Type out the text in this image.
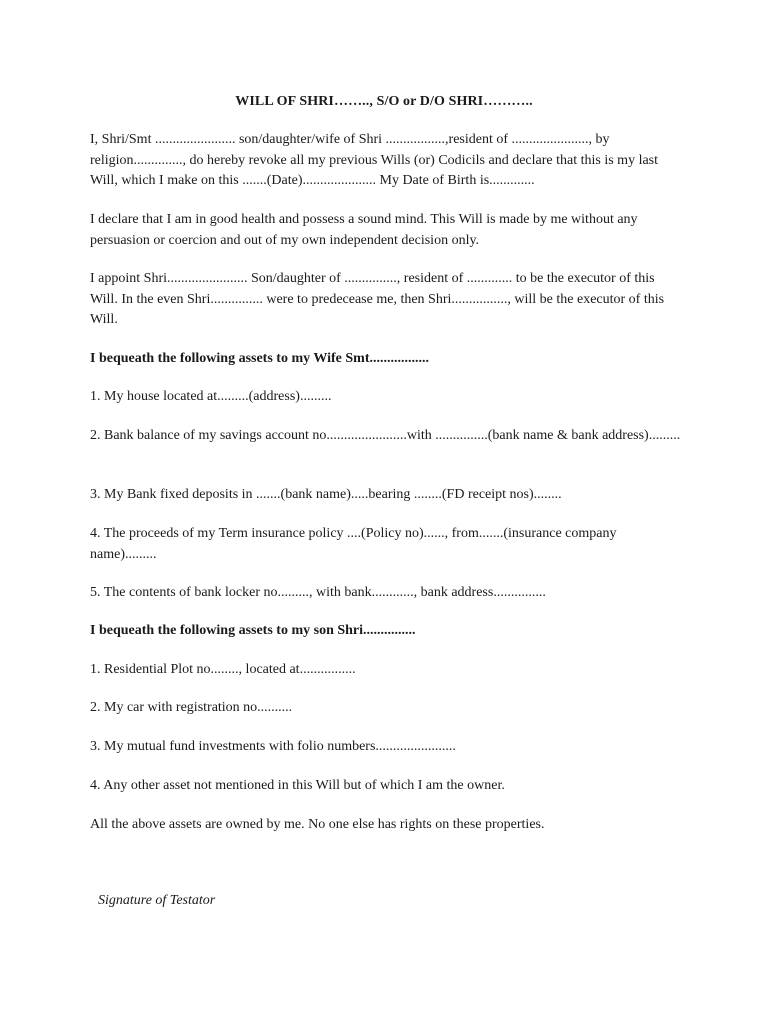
WILL OF SHRI…….., S/O or D/O SHRI………..

I, Shri/Smt ....................... son/daughter/wife of Shri .................,resident of ......................, by religion.............., do hereby revoke all my previous Wills (or) Codicils and declare that this is my last Will, which I make on this .......(Date)..................... My Date of Birth is.............

I declare that I am in good health and possess a sound mind. This Will is made by me without any persuasion or coercion and out of my own independent decision only.

I appoint Shri....................... Son/daughter of ..............., resident of ............. to be the executor of this Will. In the even Shri............... were to predecease me, then Shri................, will be the executor of this Will.

I bequeath the following assets to my Wife Smt.................

1. My house located at.........(address).........

2. Bank balance of my savings account no.......................with ...............(bank name & bank address).........

3. My Bank fixed deposits in .......(bank name).....bearing ........(FD receipt nos)........

4. The proceeds of my Term insurance policy ....(Policy no)......, from.......(insurance company name).........

5. The contents of bank locker no........., with bank............, bank address...............

I bequeath the following assets to my son Shri...............

1. Residential Plot no........, located at................

2. My car with registration no..........

3. My mutual fund investments with folio numbers.......................

4. Any other asset not mentioned in this Will but of which I am the owner.

All the above assets are owned by me. No one else has rights on these properties.

Signature of Testator
